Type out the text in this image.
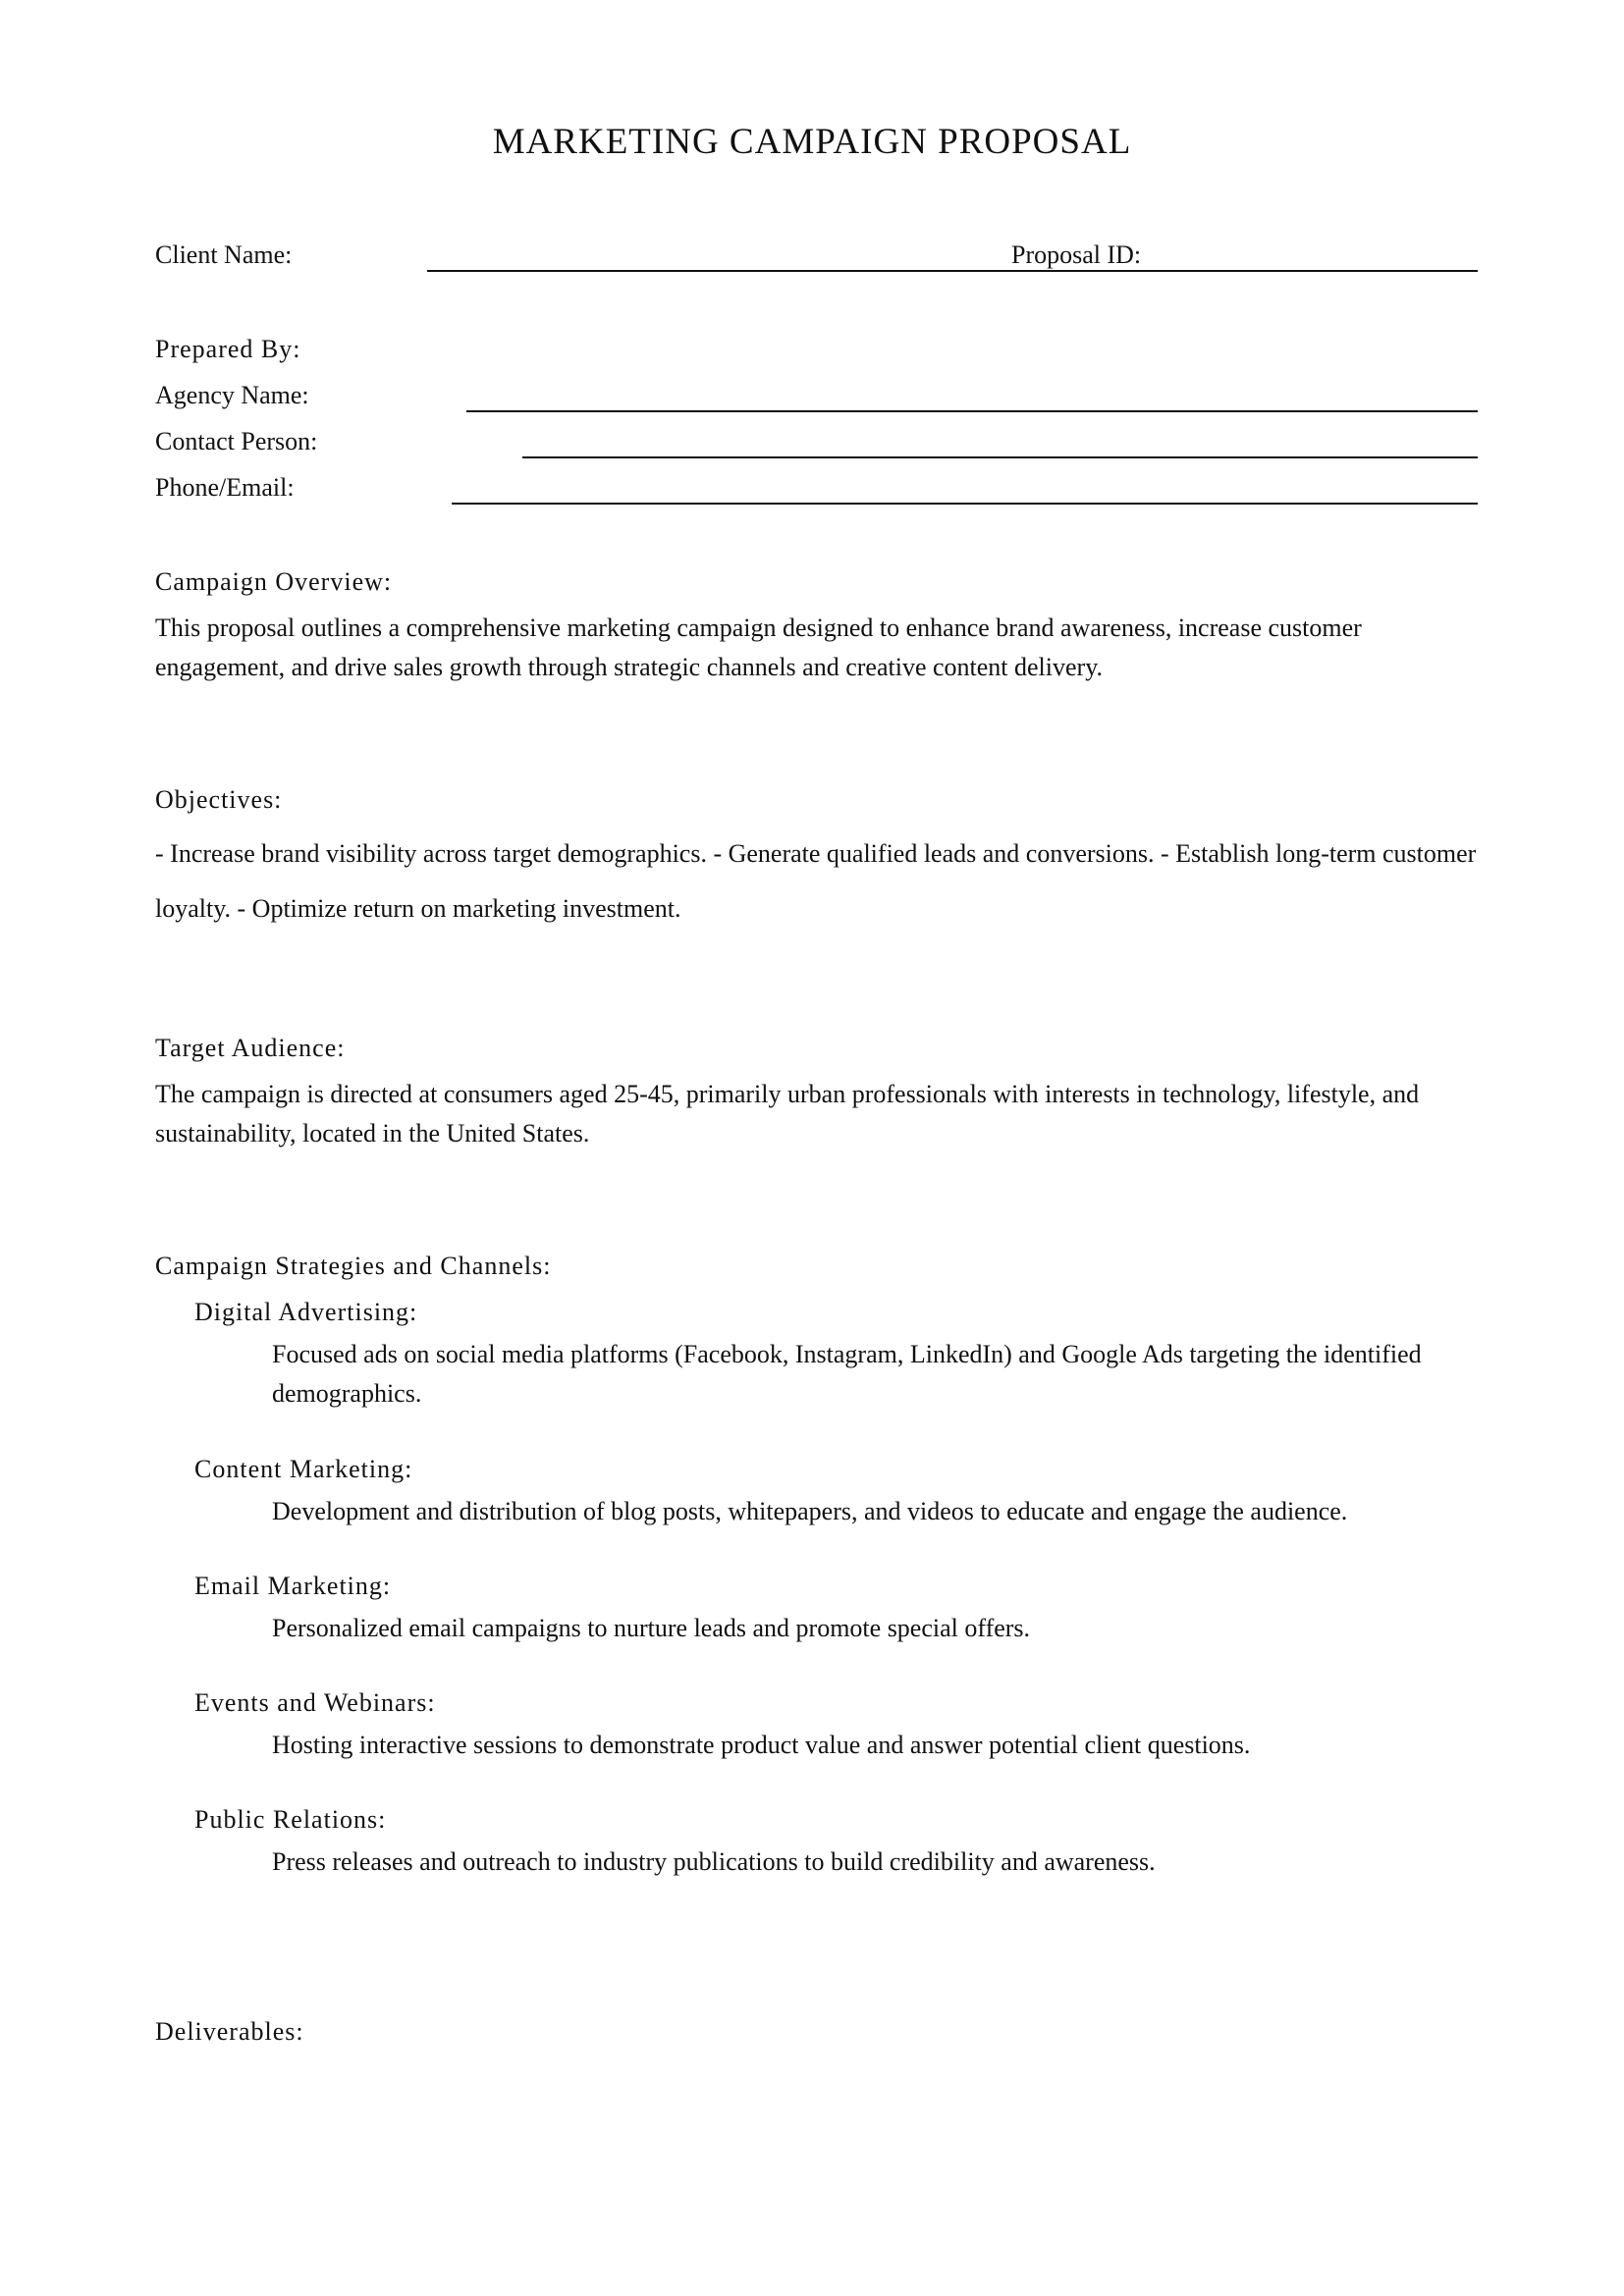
MARKETING CAMPAIGN PROPOSAL
Client Name:	Proposal ID:
Prepared By:
Agency Name:
Contact Person:
Phone/Email:
Campaign Overview:
This proposal outlines a comprehensive marketing campaign designed to enhance brand awareness, increase customer engagement, and drive sales growth through strategic channels and creative content delivery.
Objectives:
- Increase brand visibility across target demographics. - Generate qualified leads and conversions. - Establish long-term customer loyalty. - Optimize return on marketing investment.
Target Audience:
The campaign is directed at consumers aged 25-45, primarily urban professionals with interests in technology, lifestyle, and sustainability, located in the United States.
Campaign Strategies and Channels:
Digital Advertising:
Focused ads on social media platforms (Facebook, Instagram, LinkedIn) and Google Ads targeting the identified demographics.
Content Marketing:
Development and distribution of blog posts, whitepapers, and videos to educate and engage the audience.
Email Marketing:
Personalized email campaigns to nurture leads and promote special offers.
Events and Webinars:
Hosting interactive sessions to demonstrate product value and answer potential client questions.
Public Relations:
Press releases and outreach to industry publications to build credibility and awareness.
Deliverables:
